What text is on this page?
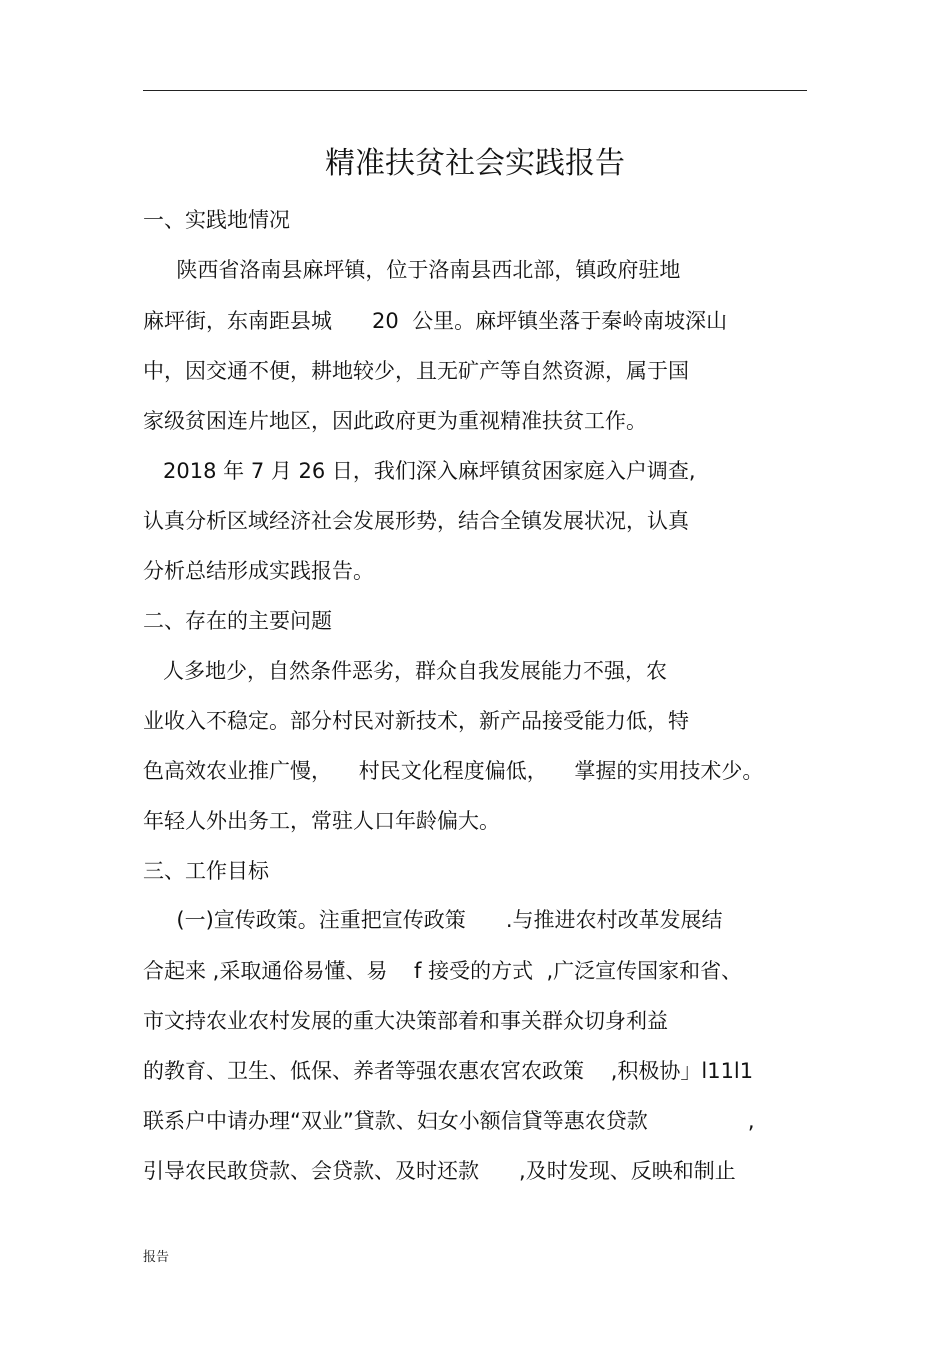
精准扶贫社会实践报告
一、实践地情况
陕西省洛南县麻坪镇，位于洛南县西北部，镇政府驻地
麻坪街，东南距县城      20  公里。麻坪镇坐落于秦岭南坡深山
中，因交通不便，耕地较少，且无矿产等自然资源，属于国
家级贫困连片地区，因此政府更为重视精准扶贫工作。
2018 年 7 月 26 日，我们深入麻坪镇贫困家庭入户调查,
认真分析区域经济社会发展形势，结合全镇发展状况，认真
分析总结形成实践报告。
二、存在的主要问题
人多地少，自然条件恶劣，群众自我发展能力不强，农
业收入不稳定。部分村民对新技术，新产品接受能力低，特
色高效农业推广慢，    村民文化程度偏低，    掌握的实用技术少。
年轻人外出务工，常驻人口年龄偏大。
三、工作目标
(一)宣传政策。注重把宣传政策      .与推进农村改革发展结
合起来 ,采取通俗易懂、易    f 接受的方式  ,广泛宣传国家和省、
市文持农业农村发展的重大决策部着和事关群众切身利益
的教育、卫生、低保、养者等强农惠农宮农政策    ,积极协」l11l1
联系户中请办理“双业”貸款、妇女小额信貸等惠农贷款               ,
引导农民敢贷款、会贷款、及时还款      ,及时发现、反映和制止
报告
